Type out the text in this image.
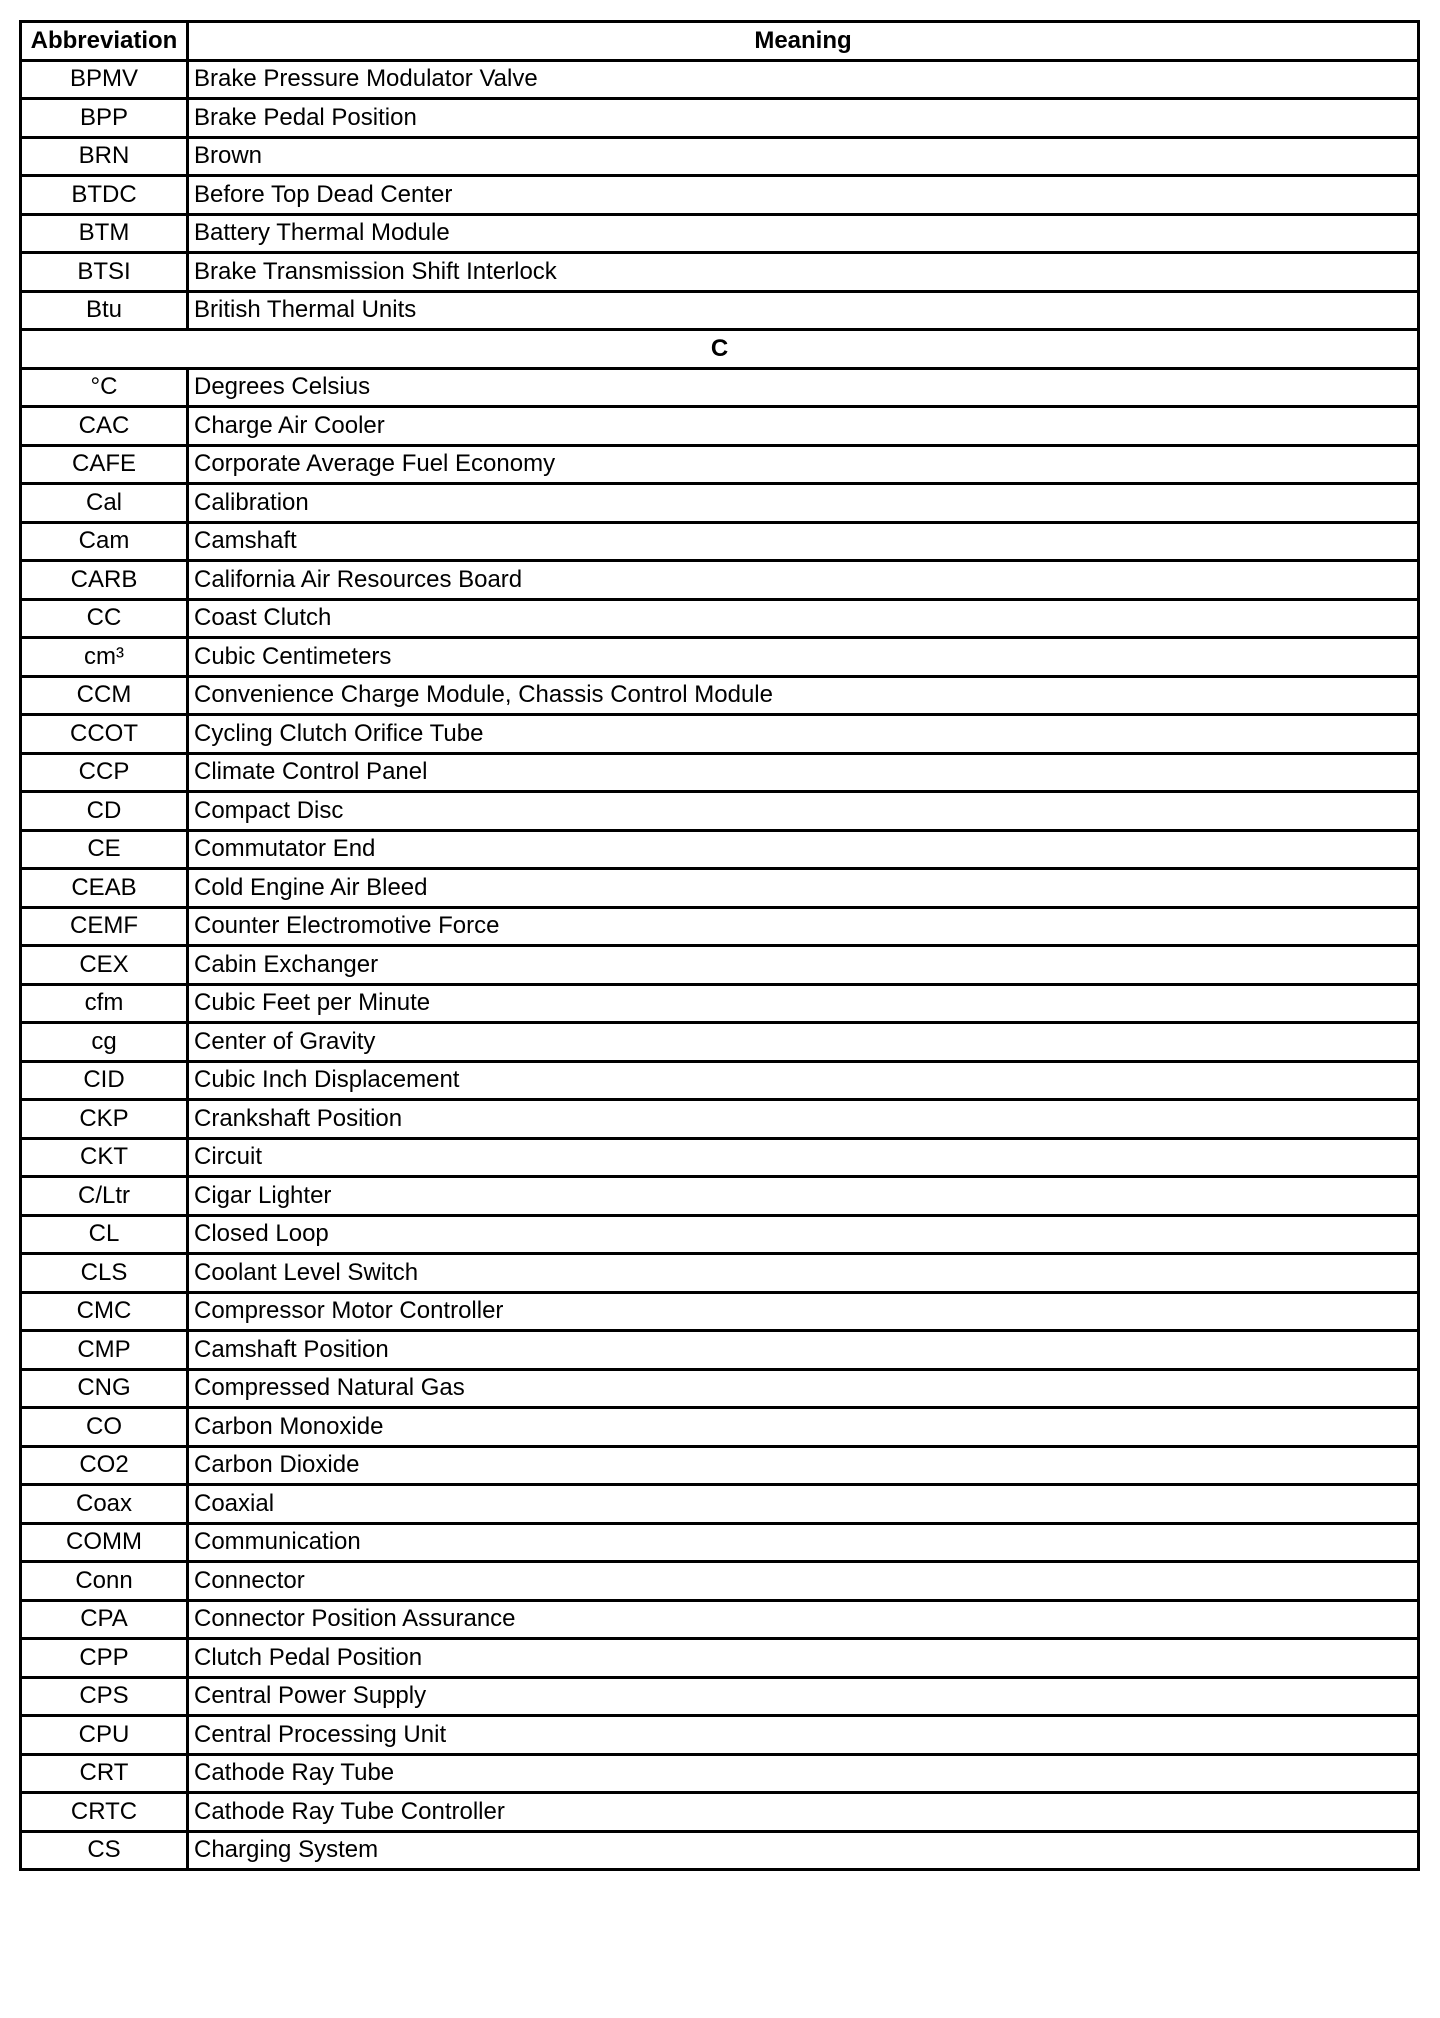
Abbreviation	Meaning
BPMV	Brake Pressure Modulator Valve
BPP	Brake Pedal Position
BRN	Brown
BTDC	Before Top Dead Center
BTM	Battery Thermal Module
BTSI	Brake Transmission Shift Interlock
Btu	British Thermal Units
C	
°C	Degrees Celsius
CAC	Charge Air Cooler
CAFE	Corporate Average Fuel Economy
Cal	Calibration
Cam	Camshaft
CARB	California Air Resources Board
CC	Coast Clutch
cm³	Cubic Centimeters
CCM	Convenience Charge Module, Chassis Control Module
CCOT	Cycling Clutch Orifice Tube
CCP	Climate Control Panel
CD	Compact Disc
CE	Commutator End
CEAB	Cold Engine Air Bleed
CEMF	Counter Electromotive Force
CEX	Cabin Exchanger
cfm	Cubic Feet per Minute
cg	Center of Gravity
CID	Cubic Inch Displacement
CKP	Crankshaft Position
CKT	Circuit
C/Ltr	Cigar Lighter
CL	Closed Loop
CLS	Coolant Level Switch
CMC	Compressor Motor Controller
CMP	Camshaft Position
CNG	Compressed Natural Gas
CO	Carbon Monoxide
CO2	Carbon Dioxide
Coax	Coaxial
COMM	Communication
Conn	Connector
CPA	Connector Position Assurance
CPP	Clutch Pedal Position
CPS	Central Power Supply
CPU	Central Processing Unit
CRT	Cathode Ray Tube
CRTC	Cathode Ray Tube Controller
CS	Charging System
